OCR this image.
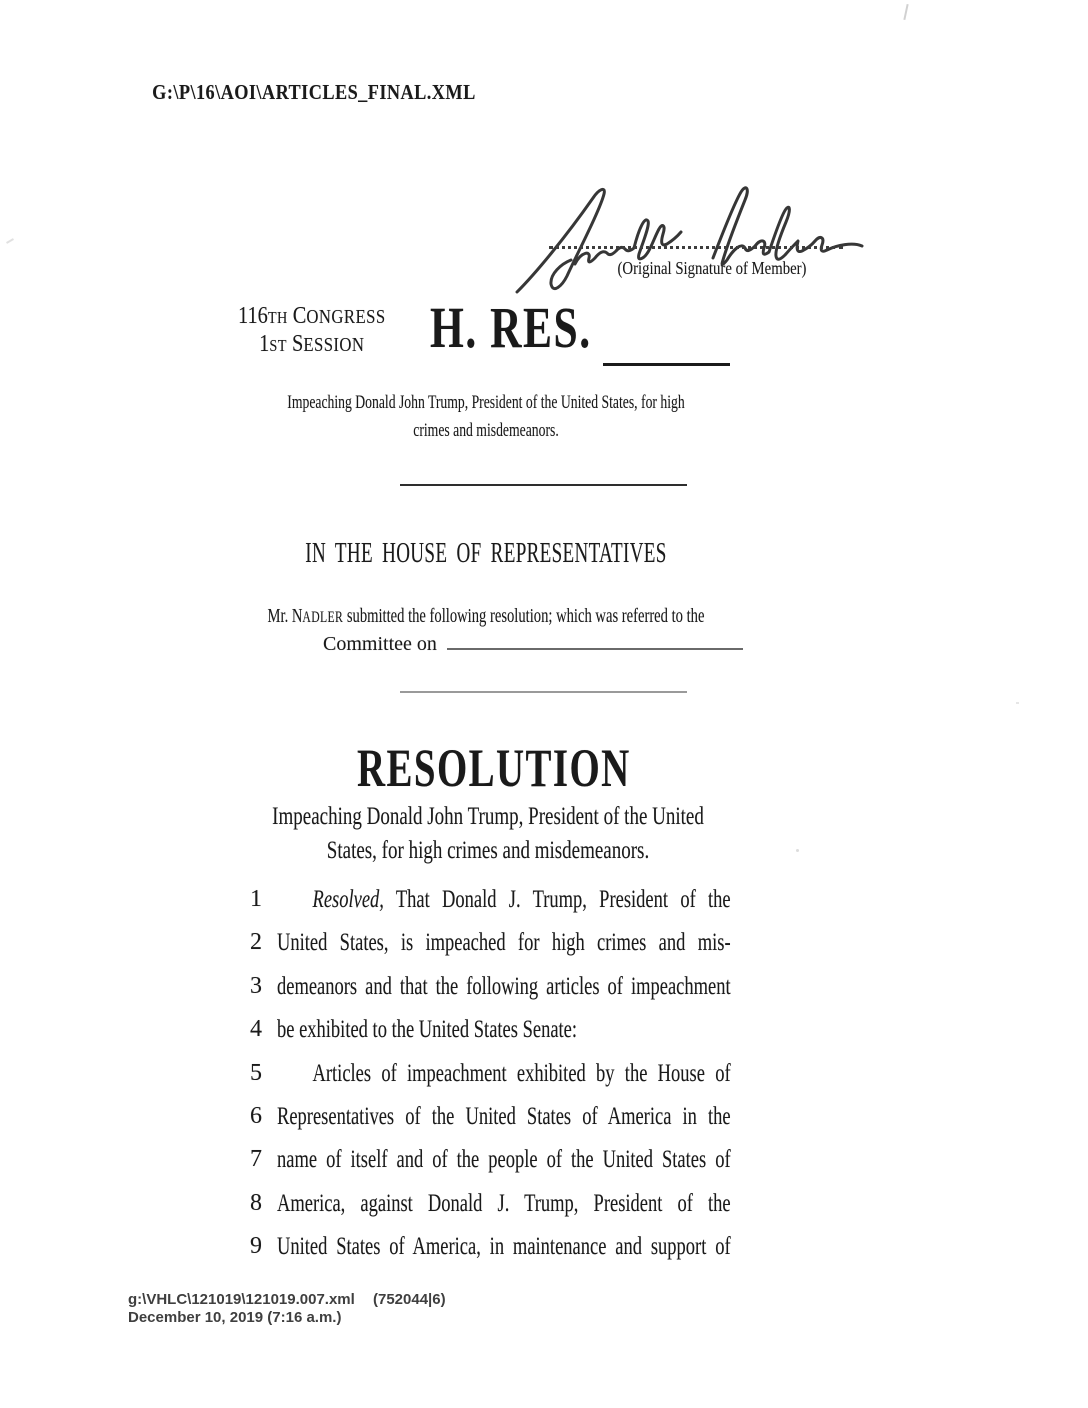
G:\P\16\AOI\ARTICLES_FINAL.XML
(Original Signature of Member)
116TH CONGRESS
1ST SESSION	H. RES.
Impeaching Donald John Trump, President of the United States, for high
crimes and misdemeanors.
IN THE HOUSE OF REPRESENTATIVES
Mr. NADLER submitted the following resolution; which was referred to the
Committee on
RESOLUTION
Impeaching Donald John Trump, President of the United
States, for high crimes and misdemeanors.
1	Resolved, That Donald J. Trump, President of the
2 United States, is impeached for high crimes and mis-
3 demeanors and that the following articles of impeachment
4 be exhibited to the United States Senate:
5	Articles of impeachment exhibited by the House of
6 Representatives of the United States of America in the
7 name of itself and of the people of the United States of
8 America, against Donald J. Trump, President of the
9 United States of America, in maintenance and support of
g:\VHLC\121019\121019.007.xml (752044|6)
December 10, 2019 (7:16 a.m.)
